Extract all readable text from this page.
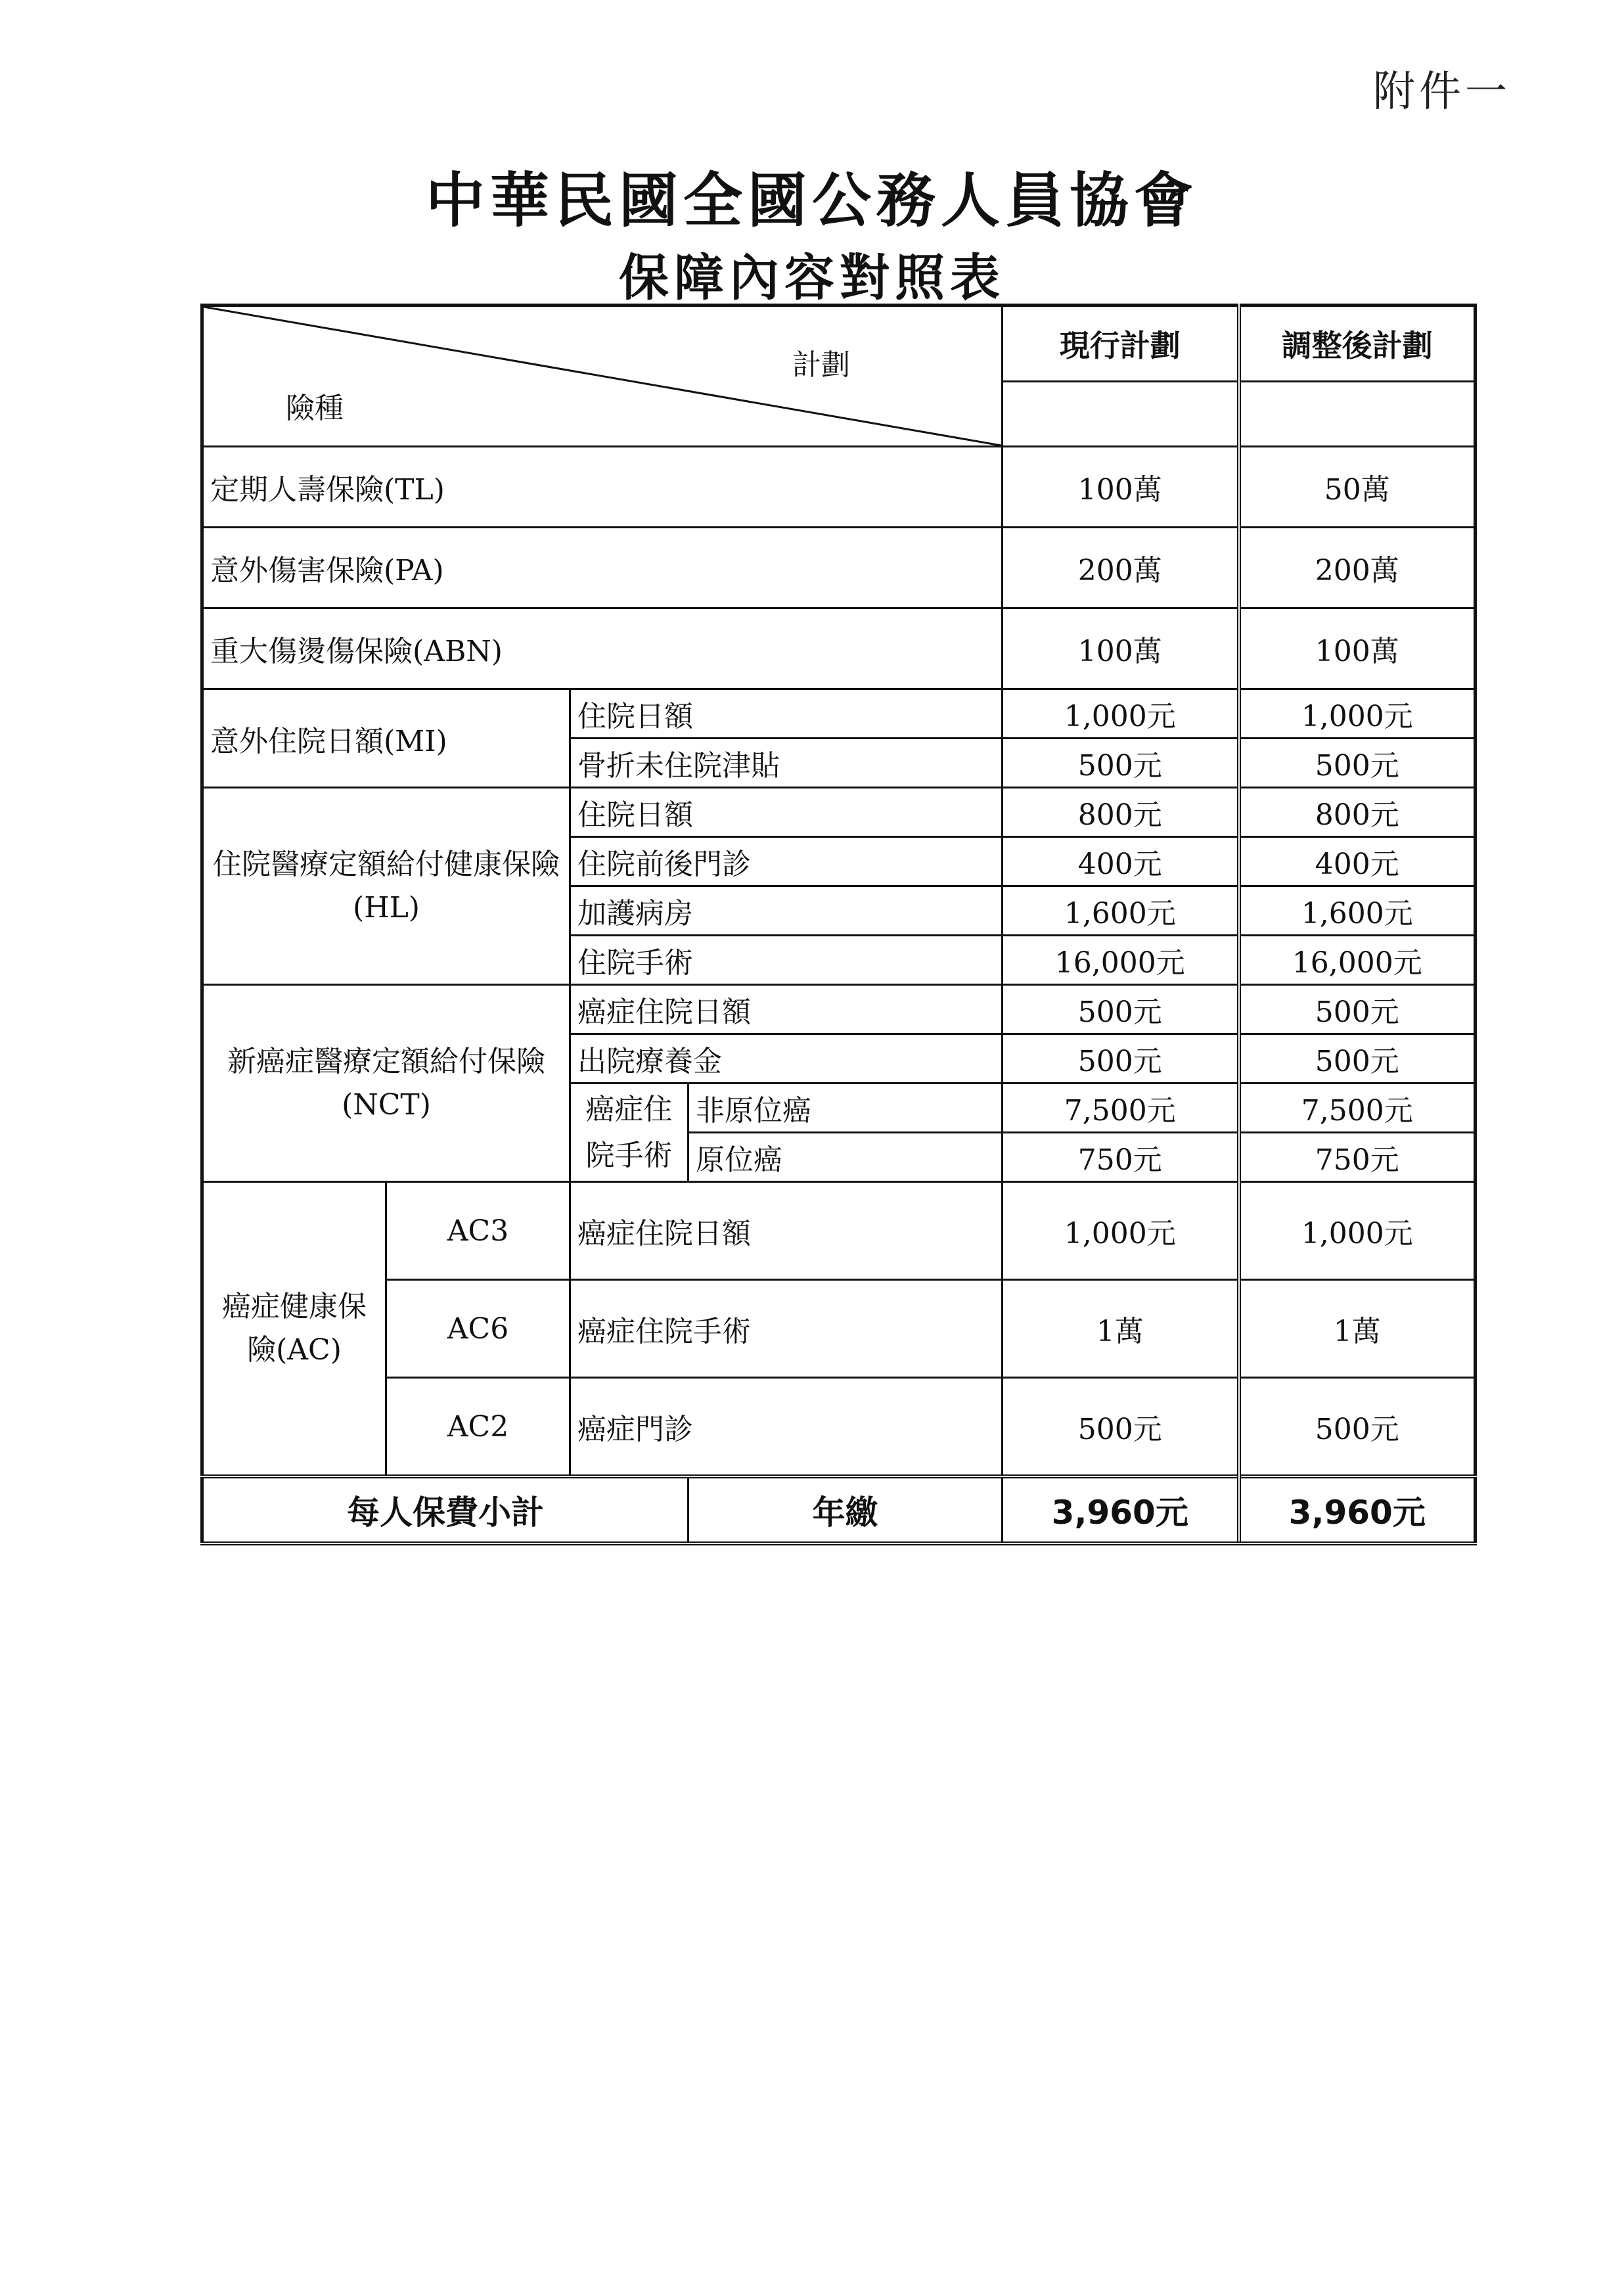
附件一
中華民國全國公務人員協會
保障內容對照表
計劃
險種				現行計劃	調整後計劃

定期人壽保險(TL)				100萬	50萬
意外傷害保險(PA)				200萬	200萬
重大傷燙傷保險(ABN)				100萬	100萬
意外住院日額(MI)		住院日額		1,000元	1,000元
		骨折未住院津貼		500元	500元
住院醫療定額給付健康保險(HL)		住院日額		800元	800元
		住院前後門診		400元	400元
		加護病房		1,600元	1,600元
		住院手術		16,000元	16,000元
新癌症醫療定額給付保險(NCT)		癌症住院日額		500元	500元
		出院療養金		500元	500元
		癌症住院手術	非原位癌	7,500元	7,500元
			原位癌	750元	750元
癌症健康保險(AC)	AC3	癌症住院日額		1,000元	1,000元
	AC6	癌症住院手術		1萬	1萬
	AC2	癌症門診		500元	500元
每人保費小計			年繳	3,960元	3,960元
